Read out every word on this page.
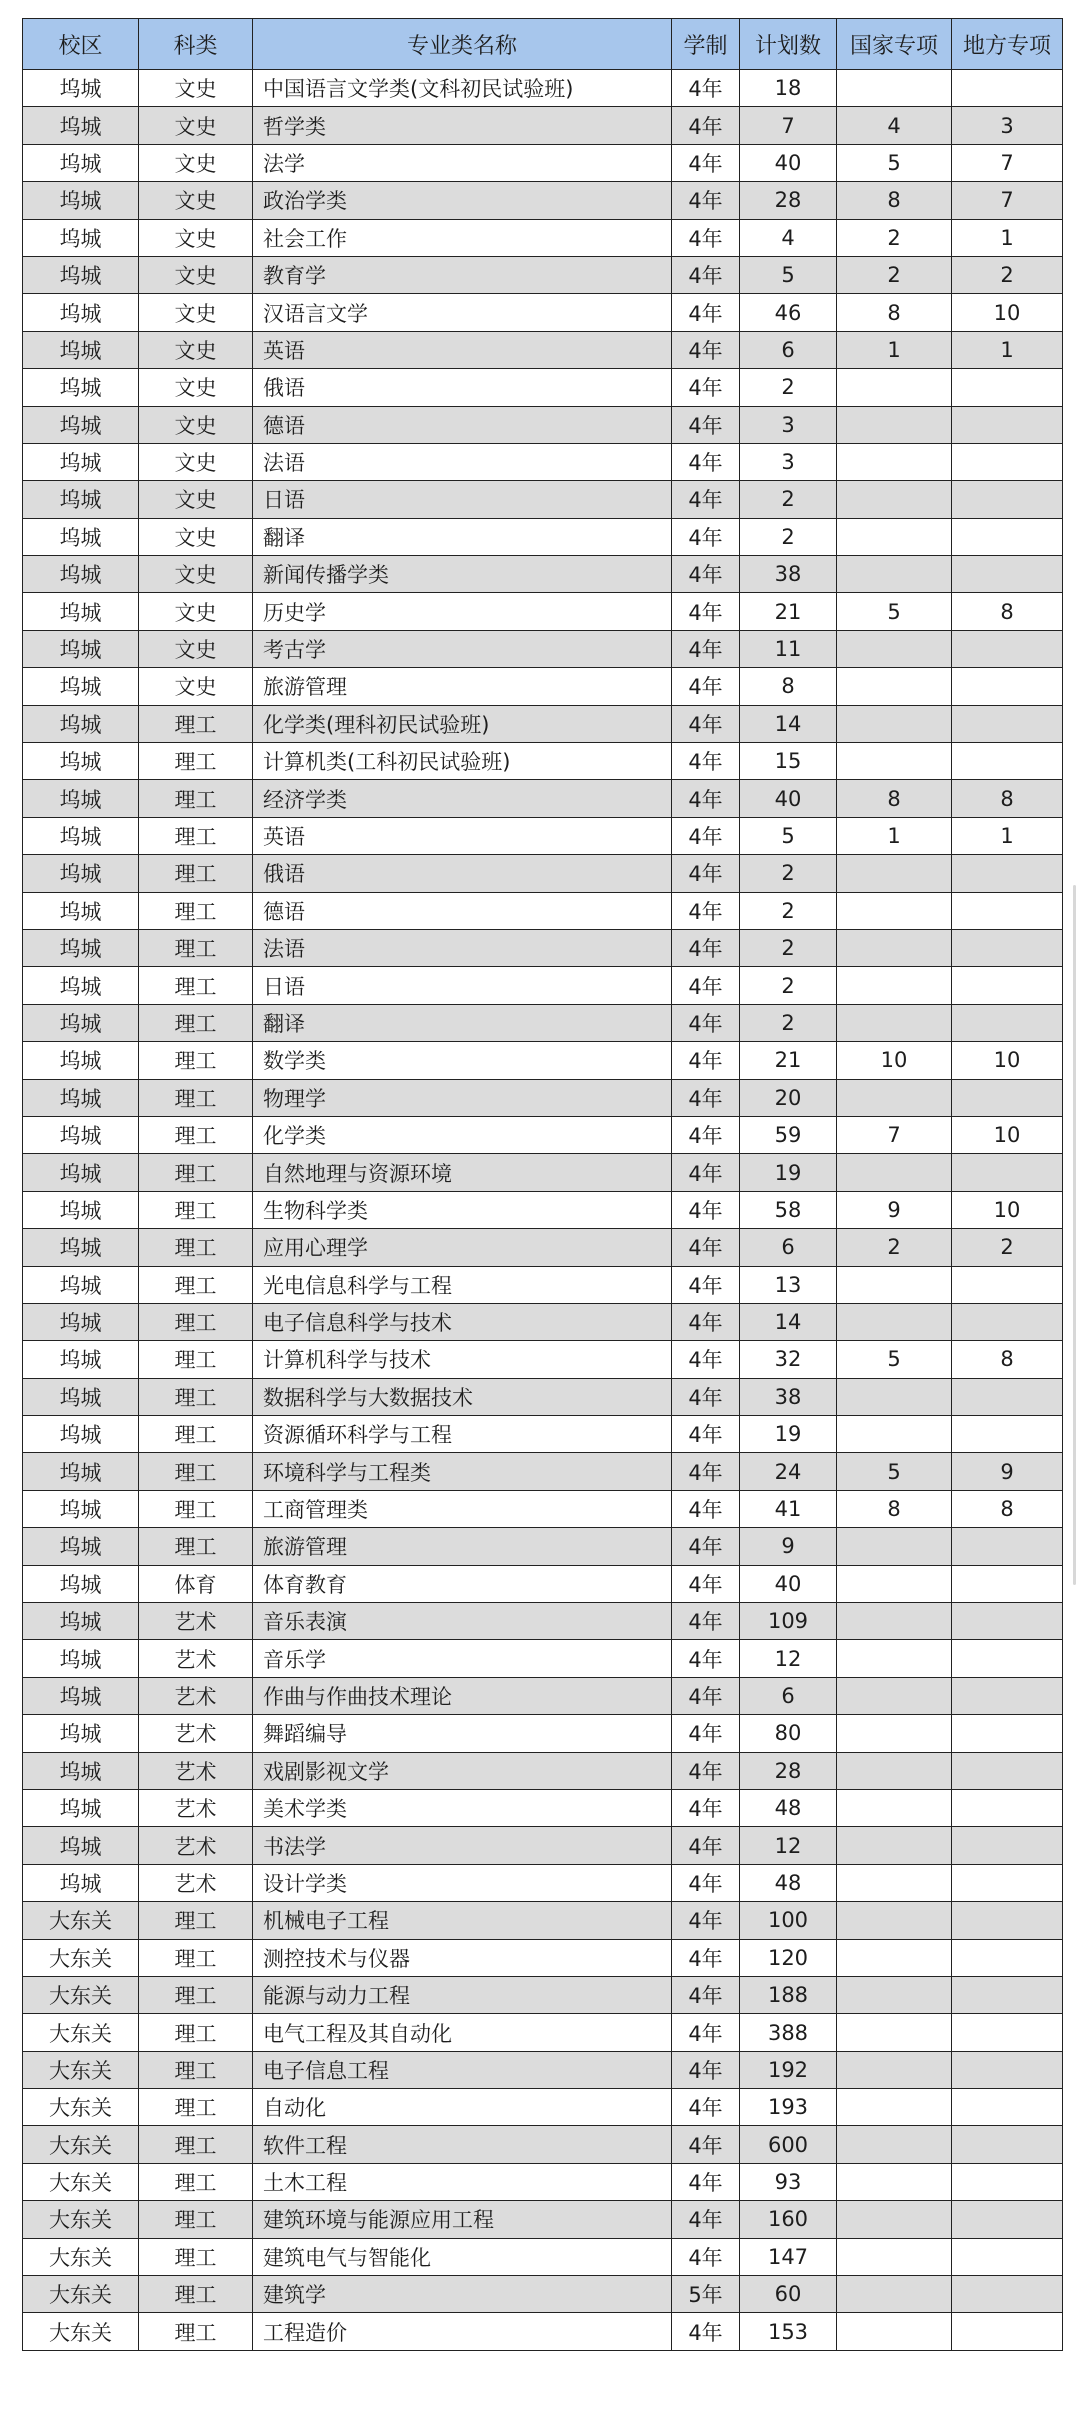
校区	科类	专业类名称	学制	计划数	国家专项	地方专项
坞城	文史	中国语言文学类(文科初民试验班)	4年	18		
坞城	文史	哲学类	4年	7	4	3
坞城	文史	法学	4年	40	5	7
坞城	文史	政治学类	4年	28	8	7
坞城	文史	社会工作	4年	4	2	1
坞城	文史	教育学	4年	5	2	2
坞城	文史	汉语言文学	4年	46	8	10
坞城	文史	英语	4年	6	1	1
坞城	文史	俄语	4年	2		
坞城	文史	德语	4年	3		
坞城	文史	法语	4年	3		
坞城	文史	日语	4年	2		
坞城	文史	翻译	4年	2		
坞城	文史	新闻传播学类	4年	38		
坞城	文史	历史学	4年	21	5	8
坞城	文史	考古学	4年	11		
坞城	文史	旅游管理	4年	8		
坞城	理工	化学类(理科初民试验班)	4年	14		
坞城	理工	计算机类(工科初民试验班)	4年	15		
坞城	理工	经济学类	4年	40	8	8
坞城	理工	英语	4年	5	1	1
坞城	理工	俄语	4年	2		
坞城	理工	德语	4年	2		
坞城	理工	法语	4年	2		
坞城	理工	日语	4年	2		
坞城	理工	翻译	4年	2		
坞城	理工	数学类	4年	21	10	10
坞城	理工	物理学	4年	20		
坞城	理工	化学类	4年	59	7	10
坞城	理工	自然地理与资源环境	4年	19		
坞城	理工	生物科学类	4年	58	9	10
坞城	理工	应用心理学	4年	6	2	2
坞城	理工	光电信息科学与工程	4年	13		
坞城	理工	电子信息科学与技术	4年	14		
坞城	理工	计算机科学与技术	4年	32	5	8
坞城	理工	数据科学与大数据技术	4年	38		
坞城	理工	资源循环科学与工程	4年	19		
坞城	理工	环境科学与工程类	4年	24	5	9
坞城	理工	工商管理类	4年	41	8	8
坞城	理工	旅游管理	4年	9		
坞城	体育	体育教育	4年	40		
坞城	艺术	音乐表演	4年	109		
坞城	艺术	音乐学	4年	12		
坞城	艺术	作曲与作曲技术理论	4年	6		
坞城	艺术	舞蹈编导	4年	80		
坞城	艺术	戏剧影视文学	4年	28		
坞城	艺术	美术学类	4年	48		
坞城	艺术	书法学	4年	12		
坞城	艺术	设计学类	4年	48		
大东关	理工	机械电子工程	4年	100		
大东关	理工	测控技术与仪器	4年	120		
大东关	理工	能源与动力工程	4年	188		
大东关	理工	电气工程及其自动化	4年	388		
大东关	理工	电子信息工程	4年	192		
大东关	理工	自动化	4年	193		
大东关	理工	软件工程	4年	600		
大东关	理工	土木工程	4年	93		
大东关	理工	建筑环境与能源应用工程	4年	160		
大东关	理工	建筑电气与智能化	4年	147		
大东关	理工	建筑学	5年	60		
大东关	理工	工程造价	4年	153		
